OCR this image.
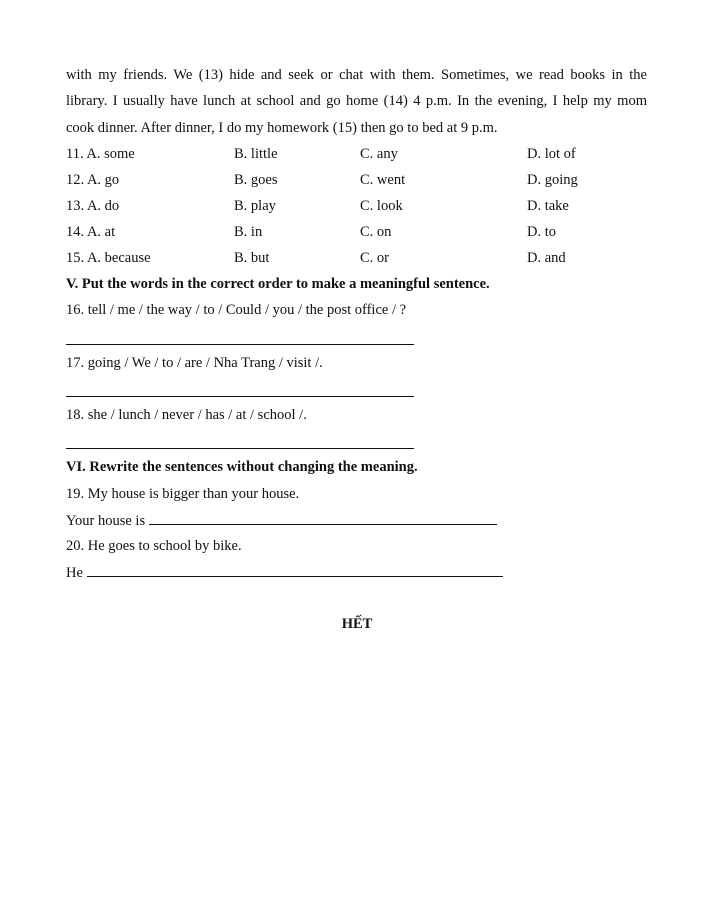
with my friends. We (13) hide and seek or chat with them. Sometimes, we read books in the
library. I usually have lunch at school and go home (14) 4 p.m. In the evening, I help my mom
cook dinner. After dinner, I do my homework (15) then go to bed at 9 p.m.
11. A. some	B. little	C. any	D. lot of
12. A. go	B. goes	C. went	D. going
13. A. do	B. play	C. look	D. take
14. A. at	B. in	C. on	D. to
15. A. because	B. but	C. or	D. and
V. Put the words in the correct order to make a meaningful sentence.
16. tell / me / the way / to / Could / you / the post office / ?
17. going / We / to / are / Nha Trang / visit /.
18. she / lunch / never / has / at / school /.
VI. Rewrite the sentences without changing the meaning.
19. My house is bigger than your house.
Your house is
20. He goes to school by bike.
He
HẾT
